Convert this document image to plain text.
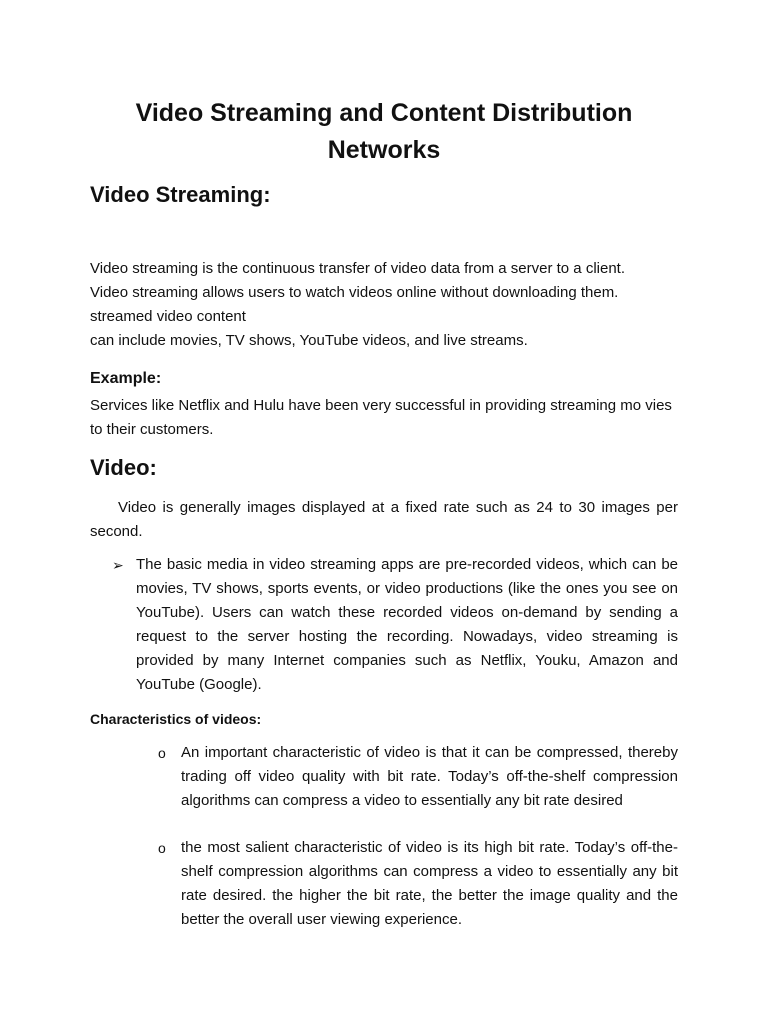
Video Streaming and Content Distribution
Networks
Video Streaming:
Video streaming is the continuous transfer of video data from a server to a client.
Video streaming allows users to watch videos online without downloading them.
streamed video content
can include movies, TV shows, YouTube videos, and live streams.
Example:

Services like Netflix and Hulu have been very successful in providing streaming mo vies to their customers.

Video:

Video is generally images displayed at a fixed rate such as 24 to 30 images per second.

➢ The basic media in video streaming apps are pre-recorded videos, which can be movies, TV shows, sports events, or video productions (like the ones you see on YouTube). Users can watch these recorded videos on-demand by sending a request to the server hosting the recording. Nowadays, video streaming is provided by many Internet companies such as Netflix, Youku, Amazon and YouTube (Google).
Characteristics of videos:
o An important characteristic of video is that it can be compressed, thereby trading off video quality with bit rate. Today’s off-the-shelf compression algorithms can compress a video to essentially any bit rate desired
o the most salient characteristic of video is its high bit rate. Today’s off-the-shelf compression algorithms can compress a video to essentially any bit rate desired. the higher the bit rate, the better the image quality and the better the overall user viewing experience.
